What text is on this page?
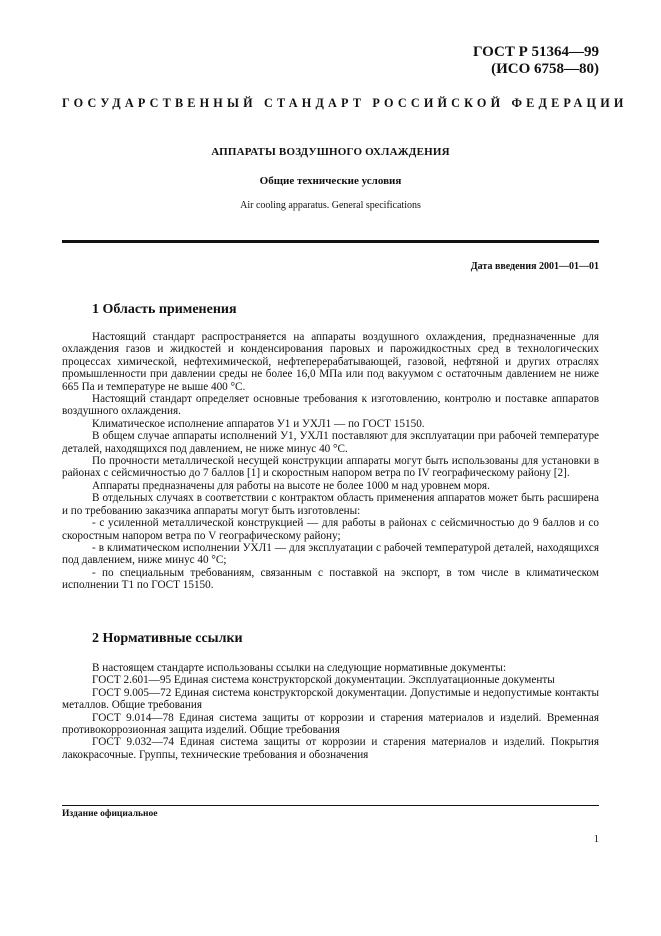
ГОСТ Р 51364—99
(ИСО 6758—80)
ГОСУДАРСТВЕННЫЙ СТАНДАРТ РОССИЙСКОЙ ФЕДЕРАЦИИ
АППАРАТЫ ВОЗДУШНОГО ОХЛАЖДЕНИЯ
Общие технические условия
Air cooling apparatus. General specifications
Дата введения 2001—01—01
1 Область применения

Настоящий стандарт распространяется на аппараты воздушного охлаждения, предназначенные для охлаждения газов и жидкостей и конденсирования паровых и парожидкостных сред в технологических процессах химической, нефтехимической, нефтеперерабатывающей, газовой, нефтяной и других отраслях промышленности при давлении среды не более 16,0 МПа или под вакуумом с остаточным давлением не ниже 665 Па и температуре не выше 400 °С.

Настоящий стандарт определяет основные требования к изготовлению, контролю и поставке аппаратов воздушного охлаждения.

Климатическое исполнение аппаратов У1 и УХЛ1 — по ГОСТ 15150.

В общем случае аппараты исполнений У1, УХЛ1 поставляют для эксплуатации при рабочей температуре деталей, находящихся под давлением, не ниже минус 40 °С.

По прочности металлической несущей конструкции аппараты могут быть использованы для установки в районах с сейсмичностью до 7 баллов [1] и скоростным напором ветра по IV географическому району [2].

Аппараты предназначены для работы на высоте не более 1000 м над уровнем моря.

В отдельных случаях в соответствии с контрактом область применения аппаратов может быть расширена и по требованию заказчика аппараты могут быть изготовлены:

- с усиленной металлической конструкцией — для работы в районах с сейсмичностью до 9 баллов и со скоростным напором ветра по V географическому району;

- в климатическом исполнении УХЛ1 — для эксплуатации с рабочей температурой деталей, находящихся под давлением, ниже минус 40 °С;

- по специальным требованиям, связанным с поставкой на экспорт, в том числе в климатическом исполнении Т1 по ГОСТ 15150.

2 Нормативные ссылки

В настоящем стандарте использованы ссылки на следующие нормативные документы:

ГОСТ 2.601—95 Единая система конструкторской документации. Эксплуатационные документы

ГОСТ 9.005—72 Единая система конструкторской документации. Допустимые и недопустимые контакты металлов. Общие требования

ГОСТ 9.014—78 Единая система защиты от коррозии и старения материалов и изделий. Временная противокоррозионная защита изделий. Общие требования

ГОСТ 9.032—74 Единая система защиты от коррозии и старения материалов и изделий. Покрытия лакокрасочные. Группы, технические требования и обозначения

Издание официальное
1
